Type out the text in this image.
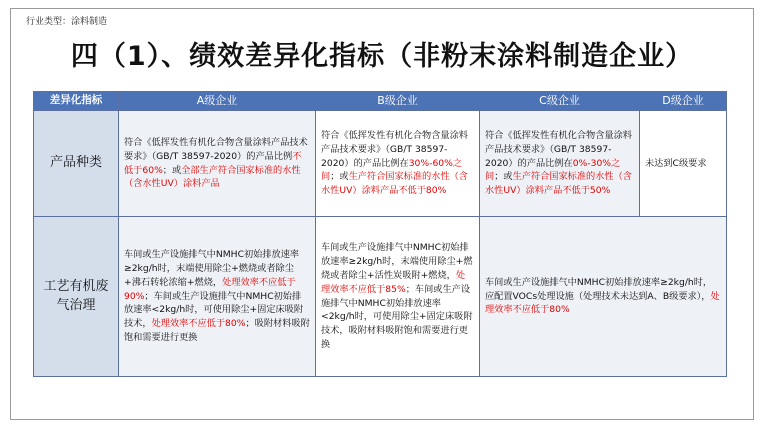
行业类型：涂料制造
四（1）、绩效差异化指标（非粉末涂料制造企业）
差异化指标	A级企业	B级企业	C级企业	D级企业
产品种类	符合《低挥发性有机化合物含量涂料产品技术要求》（GB/T 38597-2020）的产品比例不低于60%；或全部生产符合国家标准的水性（含水性UV）涂料产品	符合《低挥发性有机化合物含量涂料产品技术要求》（GB/T 38597-2020）的产品比例在30%-60%之间；或生产符合国家标准的水性（含水性UV）涂料产品不低于80%	符合《低挥发性有机化合物含量涂料产品技术要求》（GB/T 38597-2020）的产品比例在0%-30%之间；或生产符合国家标准的水性（含水性UV）涂料产品不低于50%	未达到C级要求
工艺有机废气治理	车间或生产设施排气中NMHC初始排放速率≥2kg/h时，末端使用除尘+燃烧或者除尘+沸石转轮浓缩+燃烧，处理效率不应低于90%；车间或生产设施排气中NMHC初始排放速率<2kg/h时，可使用除尘+固定床吸附技术，处理效率不应低于80%；吸附材料吸附饱和需要进行更换	车间或生产设施排气中NMHC初始排放速率≥2kg/h时，末端使用除尘+燃烧或者除尘+活性炭吸附+燃烧，处理效率不应低于85%；车间或生产设施排气中NMHC初始排放速率<2kg/h时，可使用除尘+固定床吸附技术，吸附材料吸附饱和需要进行更换	车间或生产设施排气中NMHC初始排放速率≥2kg/h时，应配置VOCs处理设施（处理技术未达到A、B级要求），处理效率不应低于80%	
